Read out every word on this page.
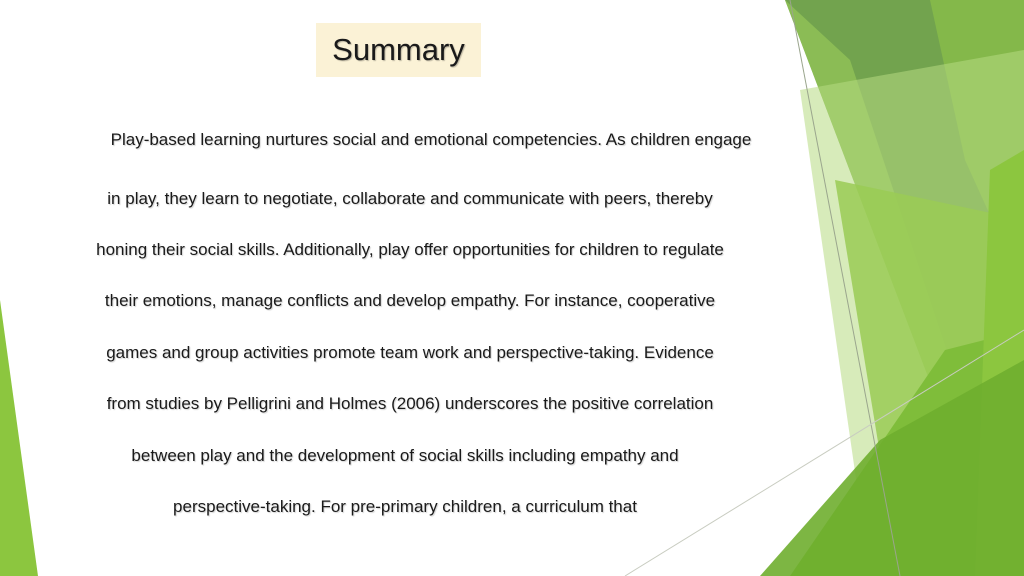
Summary
Play-based learning nurtures social and emotional competencies. As children engage
in play, they learn to negotiate, collaborate and communicate with peers, thereby
honing their social skills. Additionally, play offer opportunities for children to regulate
their emotions, manage conflicts and develop empathy. For instance, cooperative
games and group activities promote team work and perspective-taking. Evidence
from studies by Pelligrini and Holmes (2006) underscores the positive correlation
between play and the development of social skills including empathy and
perspective-taking. For pre-primary children, a curriculum that
